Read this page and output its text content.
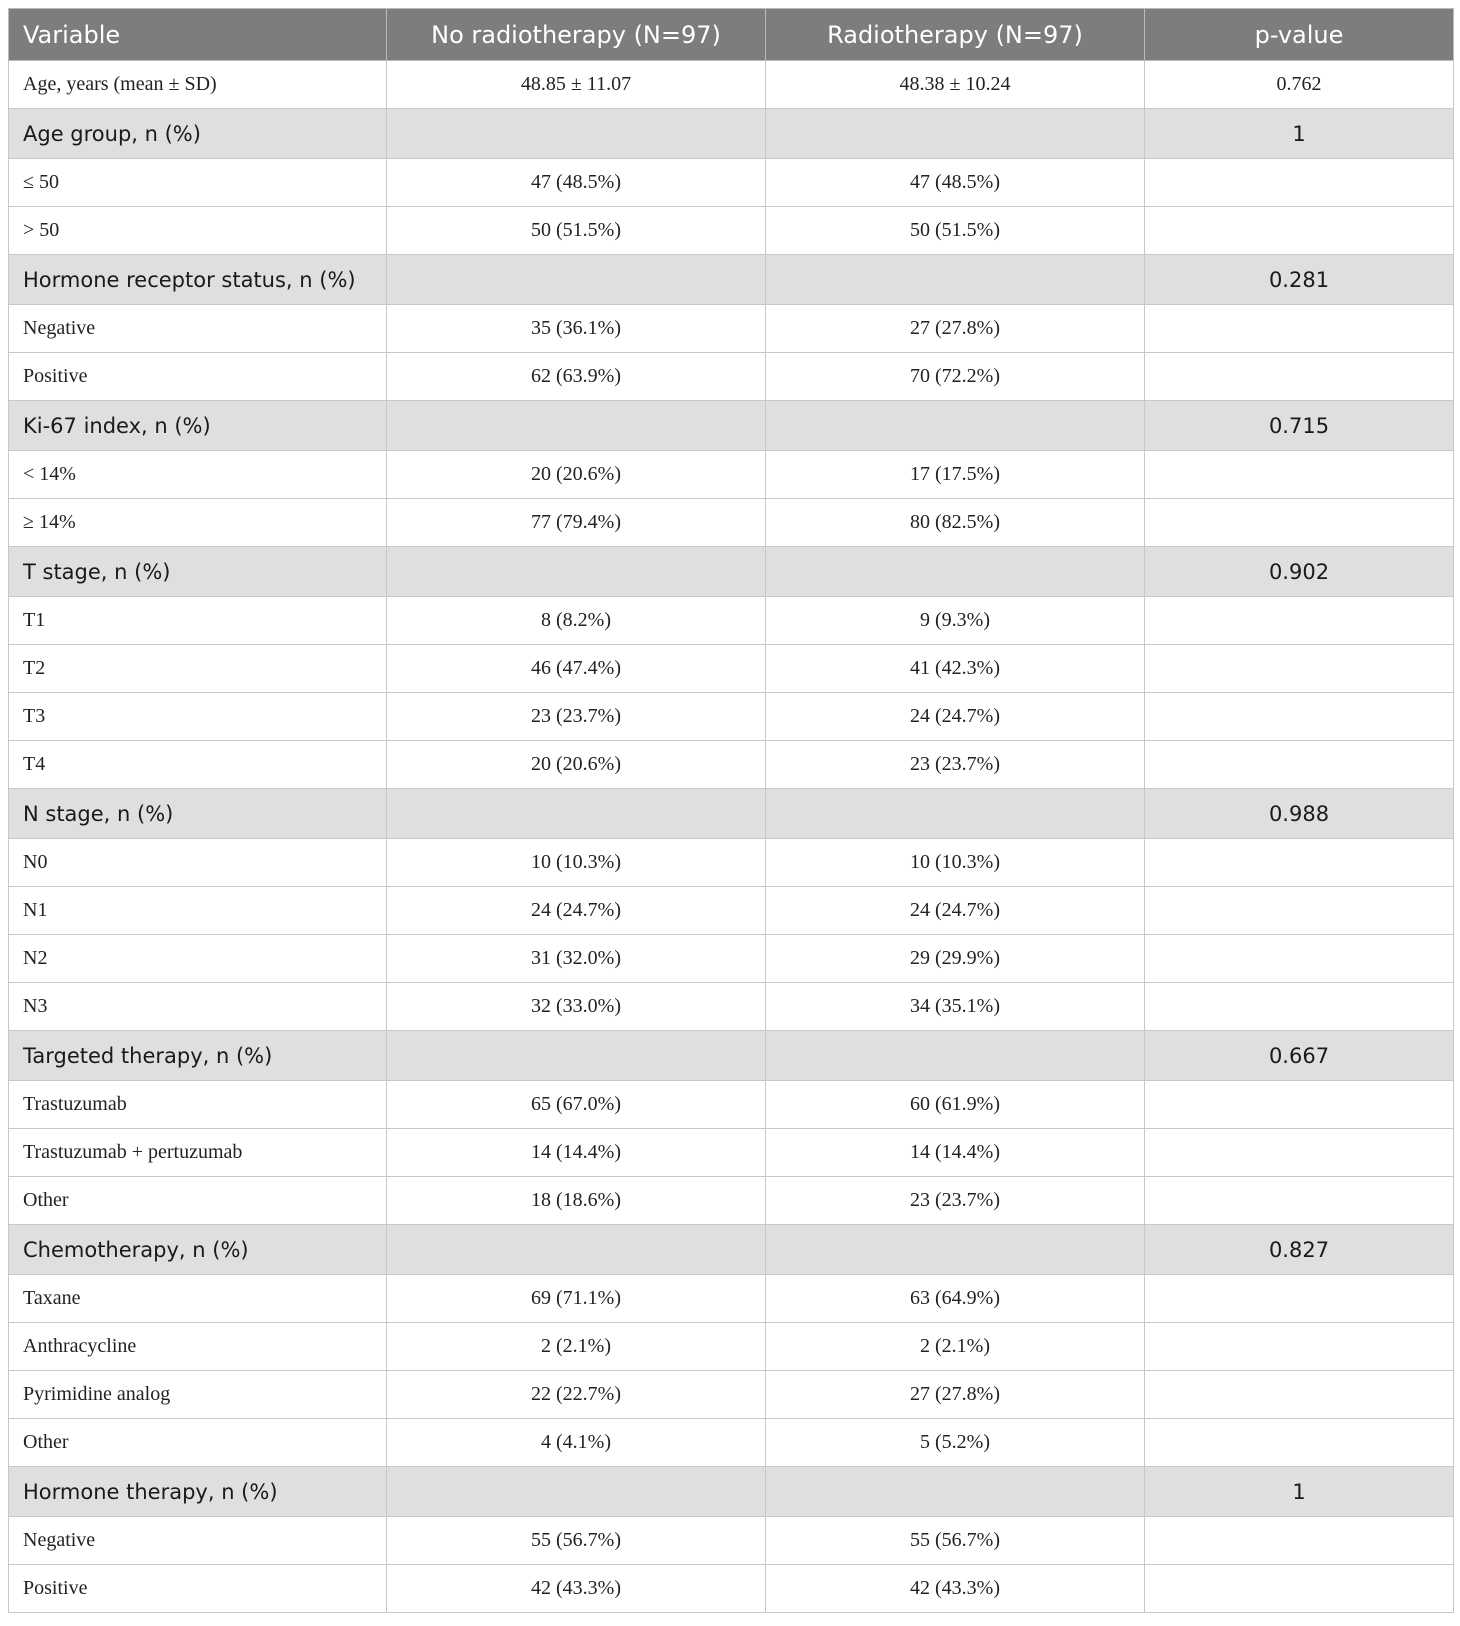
Variable	No radiotherapy (N=97)	Radiotherapy (N=97)	p-value
Age, years (mean ± SD)	48.85 ± 11.07	48.38 ± 10.24	0.762
Age group, n (%)			1
≤ 50	47 (48.5%)	47 (48.5%)	
> 50	50 (51.5%)	50 (51.5%)	
Hormone receptor status, n (%)			0.281
Negative	35 (36.1%)	27 (27.8%)	
Positive	62 (63.9%)	70 (72.2%)	
Ki-67 index, n (%)			0.715
< 14%	20 (20.6%)	17 (17.5%)	
≥ 14%	77 (79.4%)	80 (82.5%)	
T stage, n (%)			0.902
T1	8 (8.2%)	9 (9.3%)	
T2	46 (47.4%)	41 (42.3%)	
T3	23 (23.7%)	24 (24.7%)	
T4	20 (20.6%)	23 (23.7%)	
N stage, n (%)			0.988
N0	10 (10.3%)	10 (10.3%)	
N1	24 (24.7%)	24 (24.7%)	
N2	31 (32.0%)	29 (29.9%)	
N3	32 (33.0%)	34 (35.1%)	
Targeted therapy, n (%)			0.667
Trastuzumab	65 (67.0%)	60 (61.9%)	
Trastuzumab + pertuzumab	14 (14.4%)	14 (14.4%)	
Other	18 (18.6%)	23 (23.7%)	
Chemotherapy, n (%)			0.827
Taxane	69 (71.1%)	63 (64.9%)	
Anthracycline	2 (2.1%)	2 (2.1%)	
Pyrimidine analog	22 (22.7%)	27 (27.8%)	
Other	4 (4.1%)	5 (5.2%)	
Hormone therapy, n (%)			1
Negative	55 (56.7%)	55 (56.7%)	
Positive	42 (43.3%)	42 (43.3%)	
